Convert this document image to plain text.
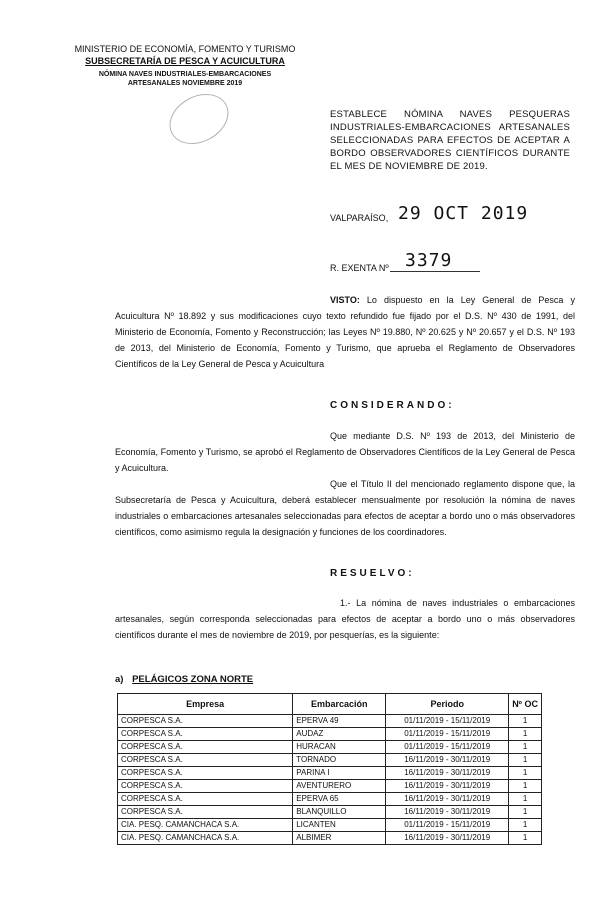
MINISTERIO DE ECONOMÍA, FOMENTO Y TURISMO
SUBSECRETARÍA DE PESCA Y ACUICULTURA
NÓMINA NAVES INDUSTRIALES-EMBARCACIONES
ARTESANALES NOVIEMBRE 2019
ESTABLECE NÓMINA NAVES PESQUERAS INDUSTRIALES-EMBARCACIONES ARTESANALES SELECCIONADAS PARA EFECTOS DE ACEPTAR A BORDO OBSERVADORES CIENTÍFICOS DURANTE EL MES DE NOVIEMBRE DE 2019.
VALPARAÍSO, 29 OCT 2019
R. EXENTA Nº 3379
VISTO: Lo dispuesto en la Ley General de Pesca y Acuicultura Nº 18.892 y sus modificaciones cuyo texto refundido fue fijado por el D.S. Nº 430 de 1991, del Ministerio de Economía, Fomento y Reconstrucción; las Leyes Nº 19.880, Nº 20.625 y Nº 20.657 y el D.S. Nº 193 de 2013, del Ministerio de Economía, Fomento y Turismo, que aprueba el Reglamento de Observadores Científicos de la Ley General de Pesca y Acuicultura
CONSIDERANDO:
Que mediante D.S. Nº 193 de 2013, del Ministerio de Economía, Fomento y Turismo, se aprobó el Reglamento de Observadores Científicos de la Ley General de Pesca y Acuicultura.
Que el Título II del mencionado reglamento dispone que, la Subsecretaría de Pesca y Acuicultura, deberá establecer mensualmente por resolución la nómina de naves industriales o embarcaciones artesanales seleccionadas para efectos de aceptar a bordo uno o más observadores científicos, como asimismo regula la designación y funciones de los coordinadores.
RESUELVO:
1.- La nómina de naves industriales o embarcaciones artesanales, según corresponda seleccionadas para efectos de aceptar a bordo uno o más observadores científicos durante el mes de noviembre de 2019, por pesquerías, es la siguiente:
a) PELÁGICOS ZONA NORTE
Empresa	Embarcación	Periodo	Nº OC
CORPESCA S.A.	EPERVA 49	01/11/2019 - 15/11/2019	1
CORPESCA S.A.	AUDAZ	01/11/2019 - 15/11/2019	1
CORPESCA S.A.	HURACAN	01/11/2019 - 15/11/2019	1
CORPESCA S.A.	TORNADO	16/11/2019 - 30/11/2019	1
CORPESCA S.A.	PARINA I	16/11/2019 - 30/11/2019	1
CORPESCA S.A.	AVENTURERO	16/11/2019 - 30/11/2019	1
CORPESCA S.A.	EPERVA 65	16/11/2019 - 30/11/2019	1
CORPESCA S.A.	BLANQUILLO	16/11/2019 - 30/11/2019	1
CIA. PESQ. CAMANCHACA S.A.	LICANTEN	01/11/2019 - 15/11/2019	1
CIA. PESQ. CAMANCHACA S.A.	ALBIMER	16/11/2019 - 30/11/2019	1
